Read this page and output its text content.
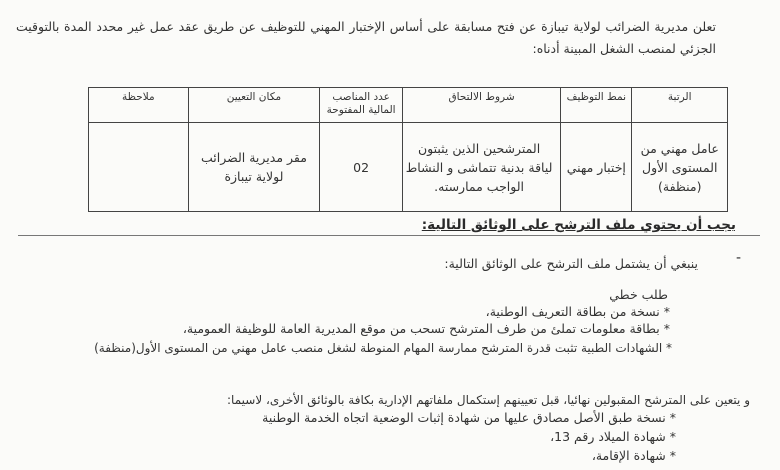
تعلن مديرية الضرائب لولاية تيبازة عن فتح مسابقة على أساس الإختبار المهني للتوظيف عن طريق عقد عمل غير محدد المدة بالتوقيت الجزئي لمنصب الشغل المبينة أدناه:
الرتبة	نمط التوظيف	شروط الالتحاق	عدد المناصب المالية المفتوحة	مكان التعيين	ملاحظة
عامل مهني من المستوى الأول (منظفة)	إختبار مهني	المترشحين الذين يثبتون لياقة بدنية تتماشى و النشاط الواجب ممارسته.	02	مقر مديرية الضرائب لولاية تيبازة	
يجب أن يحتوي ملف الترشح على الوثائق التالية:
-
ينبغي أن يشتمل ملف الترشح على الوثائق التالية:
طلب خطي
* نسخة من بطاقة التعريف الوطنية،
* بطاقة معلومات تملئ من طرف المترشح تسحب من موقع المديرية العامة للوظيفة العمومية،
* الشهادات الطبية تثبت قدرة المترشح ممارسة المهام المنوطة لشغل منصب عامل مهني من المستوى الأول(منظفة)
و يتعين على المترشح المقبولين نهائيا، قبل تعيينهم إستكمال ملفاتهم الإدارية بكافة بالوثائق الأخرى، لاسيما:
* نسخة طبق الأصل مصادق عليها من شهادة إثبات الوضعية اتجاه الخدمة الوطنية
* شهادة الميلاد رقم 13،
* شهادة الإقامة،
